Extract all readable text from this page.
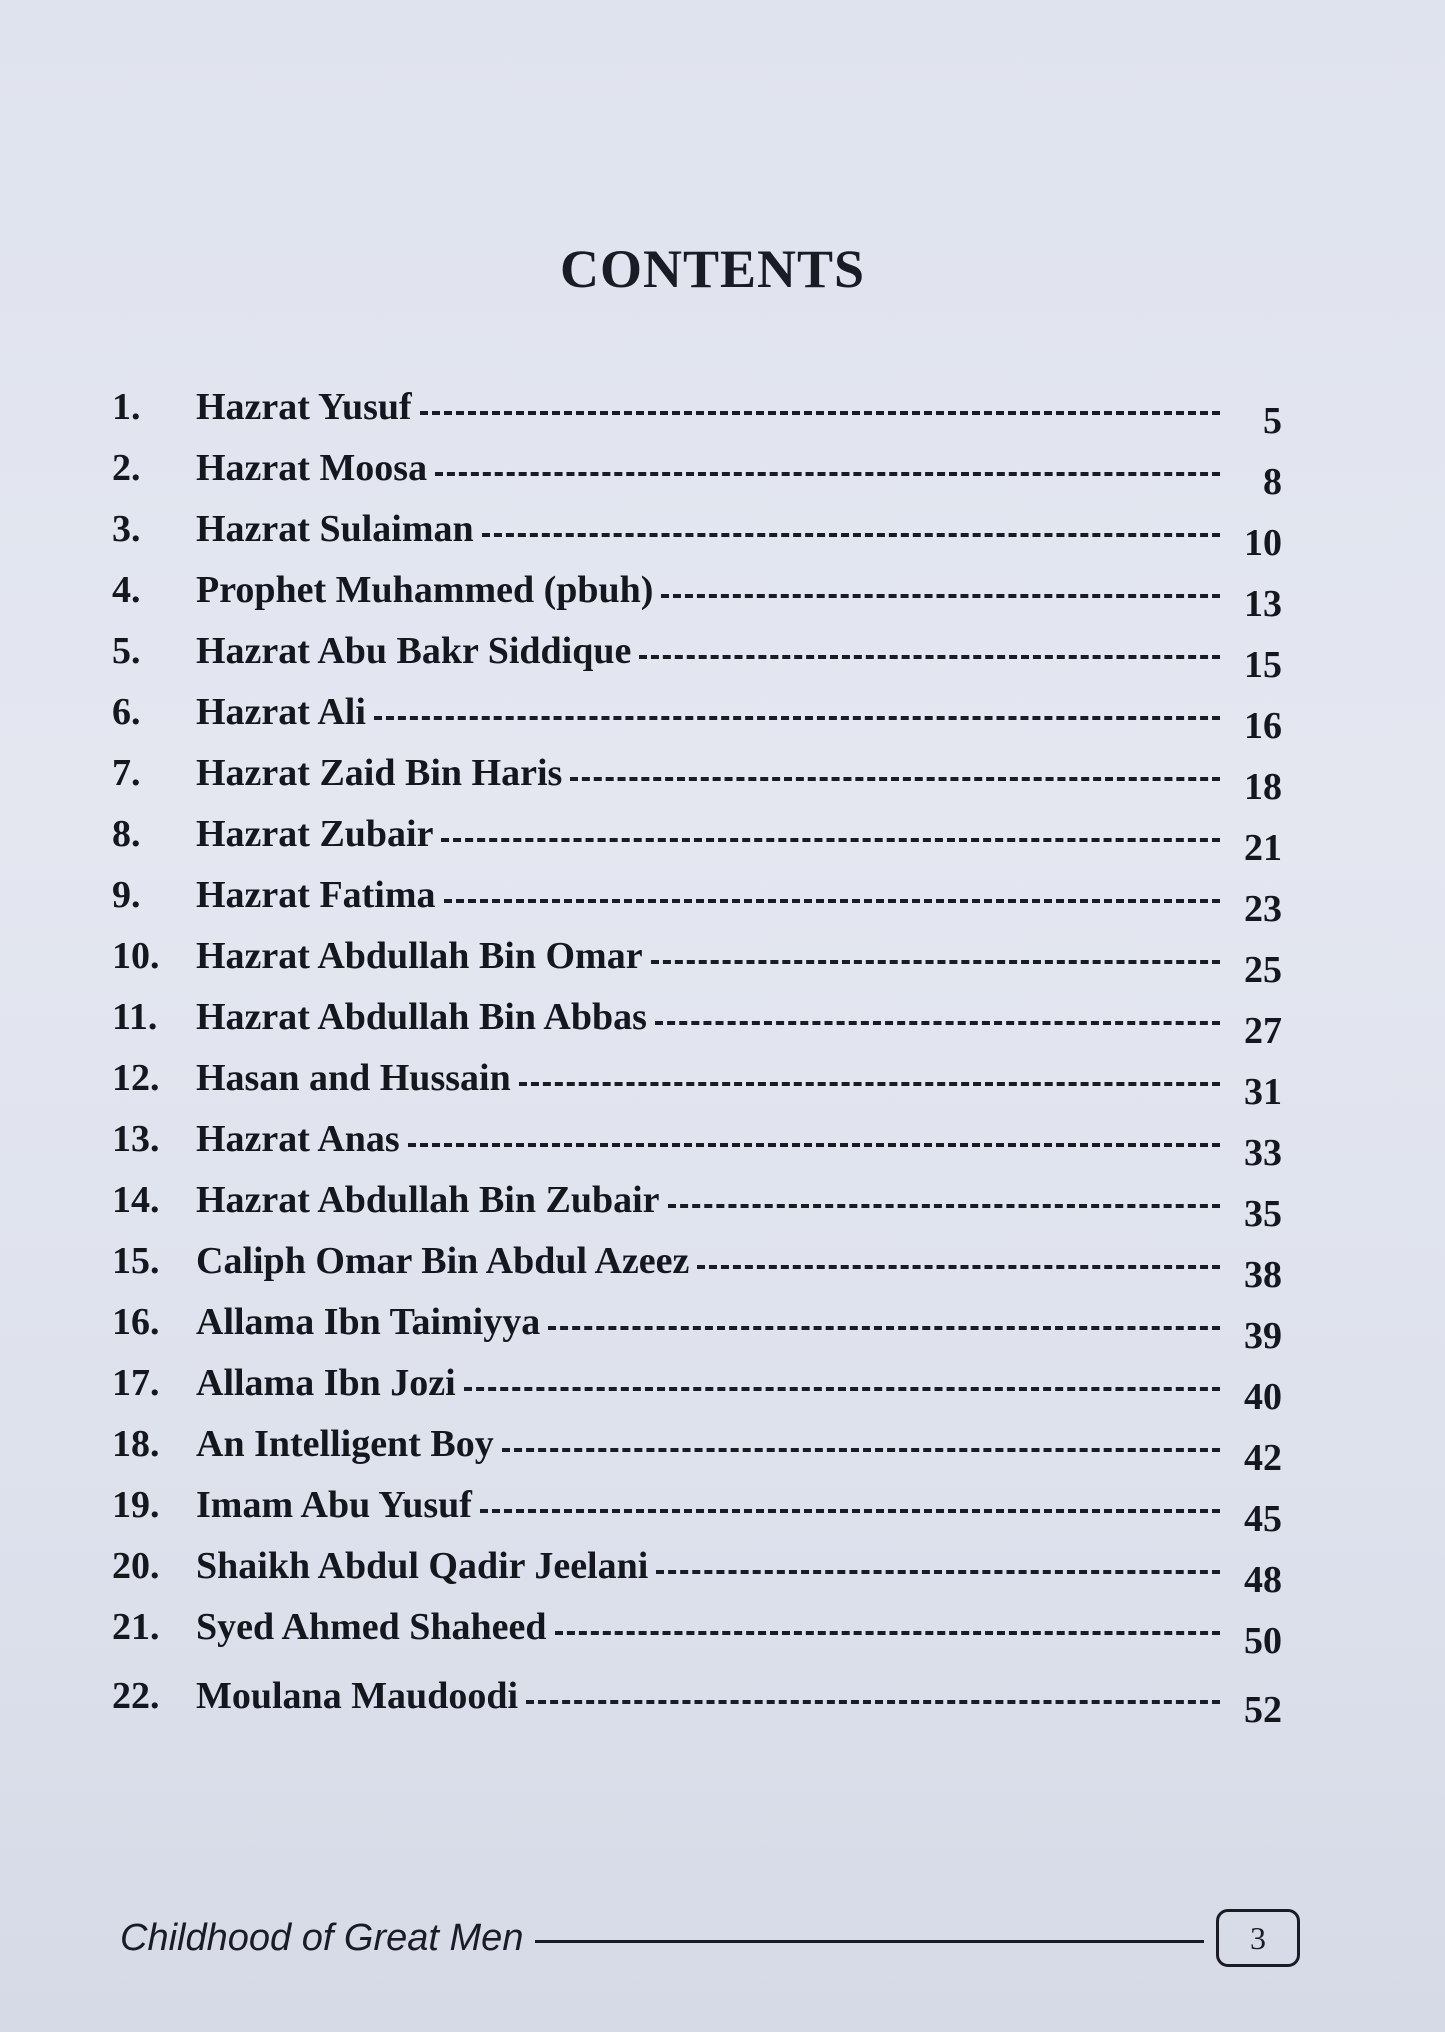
CONTENTS
1.	Hazrat Yusuf	5
2.	Hazrat Moosa	8
3.	Hazrat Sulaiman	10
4.	Prophet Muhammed (pbuh)	13
5.	Hazrat Abu Bakr Siddique	15
6.	Hazrat Ali	16
7.	Hazrat Zaid Bin Haris	18
8.	Hazrat Zubair	21
9.	Hazrat Fatima	23
10. Hazrat Abdullah Bin Omar	25
11.	Hazrat Abdullah Bin Abbas	27
12. Hasan and Hussain	31
13. Hazrat Anas	33
14. Hazrat Abdullah Bin Zubair	35
15. Caliph Omar Bin Abdul Azeez	38
16. Allama Ibn Taimiyya	39
17. Allama Ibn Jozi	40
18. An Intelligent Boy	42
19. Imam Abu Yusuf	45
20. Shaikh Abdul Qadir Jeelani	48
21. Syed Ahmed Shaheed	50
22. Moulana Maudoodi	52
Childhood of Great Men	3
